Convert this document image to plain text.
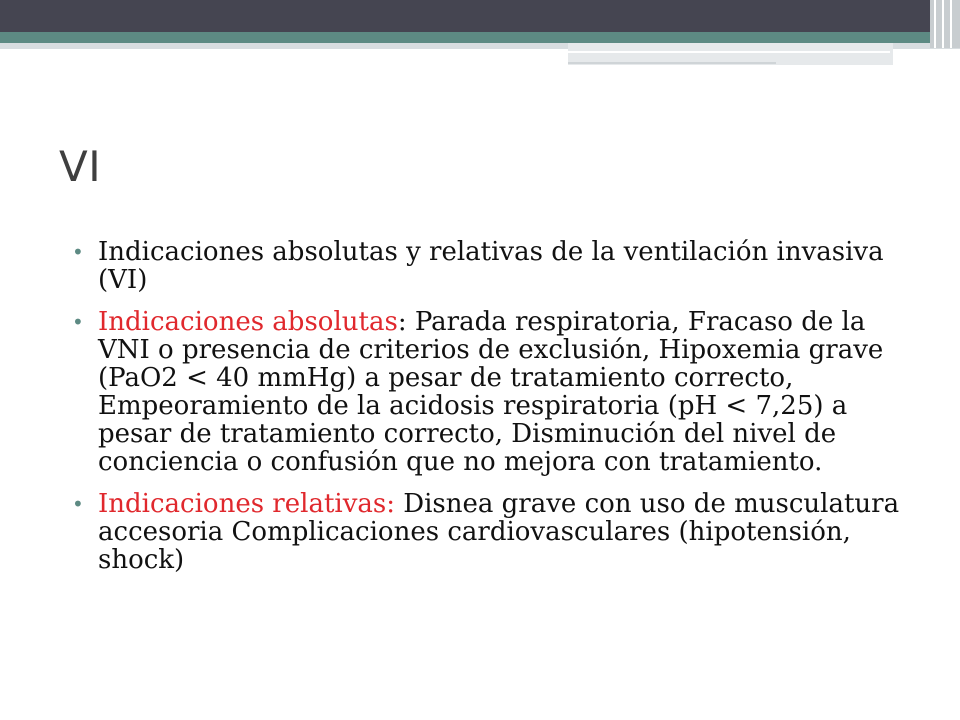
VI
• Indicaciones absolutas y relativas de la ventilación invasiva (VI)
• Indicaciones absolutas: Parada respiratoria, Fracaso de la VNI o presencia de criterios de exclusión, Hipoxemia grave (PaO2 < 40 mmHg) a pesar de tratamiento correcto, Empeoramiento de la acidosis respiratoria (pH < 7,25) a pesar de tratamiento correcto, Disminución del nivel de conciencia o confusión que no mejora con tratamiento.
• Indicaciones relativas: Disnea grave con uso de musculatura accesoria Complicaciones cardiovasculares (hipotensión, shock)
